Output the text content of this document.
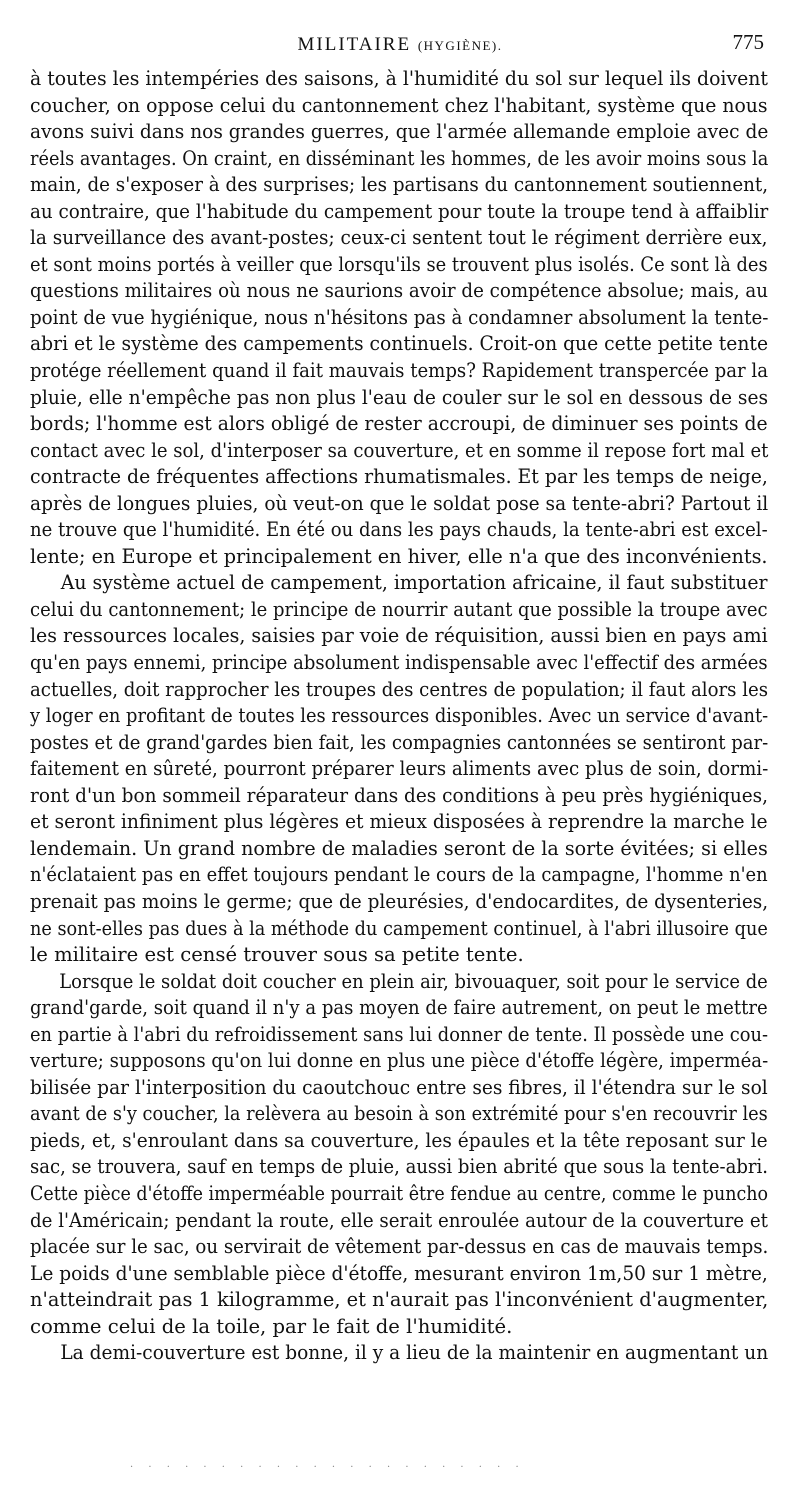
MILITAIRE (HYGIÈNE).	775

à toutes les intempéries des saisons, à l'humidité du sol sur lequel ils doivent
coucher, on oppose celui du cantonnement chez l'habitant, système que nous
avons suivi dans nos grandes guerres, que l'armée allemande emploie avec de
réels avantages. On craint, en disséminant les hommes, de les avoir moins sous la
main, de s'exposer à des surprises; les partisans du cantonnement soutiennent,
au contraire, que l'habitude du campement pour toute la troupe tend à affaiblir
la surveillance des avant-postes; ceux-ci sentent tout le régiment derrière eux,
et sont moins portés à veiller que lorsqu'ils se trouvent plus isolés. Ce sont là des
questions militaires où nous ne saurions avoir de compétence absolue; mais, au
point de vue hygiénique, nous n'hésitons pas à condamner absolument la tente-
abri et le système des campements continuels. Croit-on que cette petite tente
protége réellement quand il fait mauvais temps? Rapidement transpercée par la
pluie, elle n'empêche pas non plus l'eau de couler sur le sol en dessous de ses
bords; l'homme est alors obligé de rester accroupi, de diminuer ses points de
contact avec le sol, d'interposer sa couverture, et en somme il repose fort mal et
contracte de fréquentes affections rhumatismales. Et par les temps de neige,
après de longues pluies, où veut-on que le soldat pose sa tente-abri? Partout il
ne trouve que l'humidité. En été ou dans les pays chauds, la tente-abri est excel-
lente; en Europe et principalement en hiver, elle n'a que des inconvénients.

Au système actuel de campement, importation africaine, il faut substituer
celui du cantonnement; le principe de nourrir autant que possible la troupe avec
les ressources locales, saisies par voie de réquisition, aussi bien en pays ami
qu'en pays ennemi, principe absolument indispensable avec l'effectif des armées
actuelles, doit rapprocher les troupes des centres de population; il faut alors les
y loger en profitant de toutes les ressources disponibles. Avec un service d'avant-
postes et de grand'gardes bien fait, les compagnies cantonnées se sentiront par-
faitement en sûreté, pourront préparer leurs aliments avec plus de soin, dormi-
ront d'un bon sommeil réparateur dans des conditions à peu près hygiéniques,
et seront infiniment plus légères et mieux disposées à reprendre la marche le
lendemain. Un grand nombre de maladies seront de la sorte évitées; si elles
n'éclataient pas en effet toujours pendant le cours de la campagne, l'homme n'en
prenait pas moins le germe; que de pleurésies, d'endocardites, de dysenteries,
ne sont-elles pas dues à la méthode du campement continuel, à l'abri illusoire que
le militaire est censé trouver sous sa petite tente.

Lorsque le soldat doit coucher en plein air, bivouaquer, soit pour le service de
grand'garde, soit quand il n'y a pas moyen de faire autrement, on peut le mettre
en partie à l'abri du refroidissement sans lui donner de tente. Il possède une cou-
verture; supposons qu'on lui donne en plus une pièce d'étoffe légère, imperméa-
bilisée par l'interposition du caoutchouc entre ses fibres, il l'étendra sur le sol
avant de s'y coucher, la relèvera au besoin à son extrémité pour s'en recouvrir les
pieds, et, s'enroulant dans sa couverture, les épaules et la tête reposant sur le
sac, se trouvera, sauf en temps de pluie, aussi bien abrité que sous la tente-abri.
Cette pièce d'étoffe imperméable pourrait être fendue au centre, comme le puncho
de l'Américain; pendant la route, elle serait enroulée autour de la couverture et
placée sur le sac, ou servirait de vêtement par-dessus en cas de mauvais temps.
Le poids d'une semblable pièce d'étoffe, mesurant environ 1m,50 sur 1 mètre,
n'atteindrait pas 1 kilogramme, et n'aurait pas l'inconvénient d'augmenter,
comme celui de la toile, par le fait de l'humidité.

La demi-couverture est bonne, il y a lieu de la maintenir en augmentant un

· · · · · · · · · · · · · · · · · · · · · ·
